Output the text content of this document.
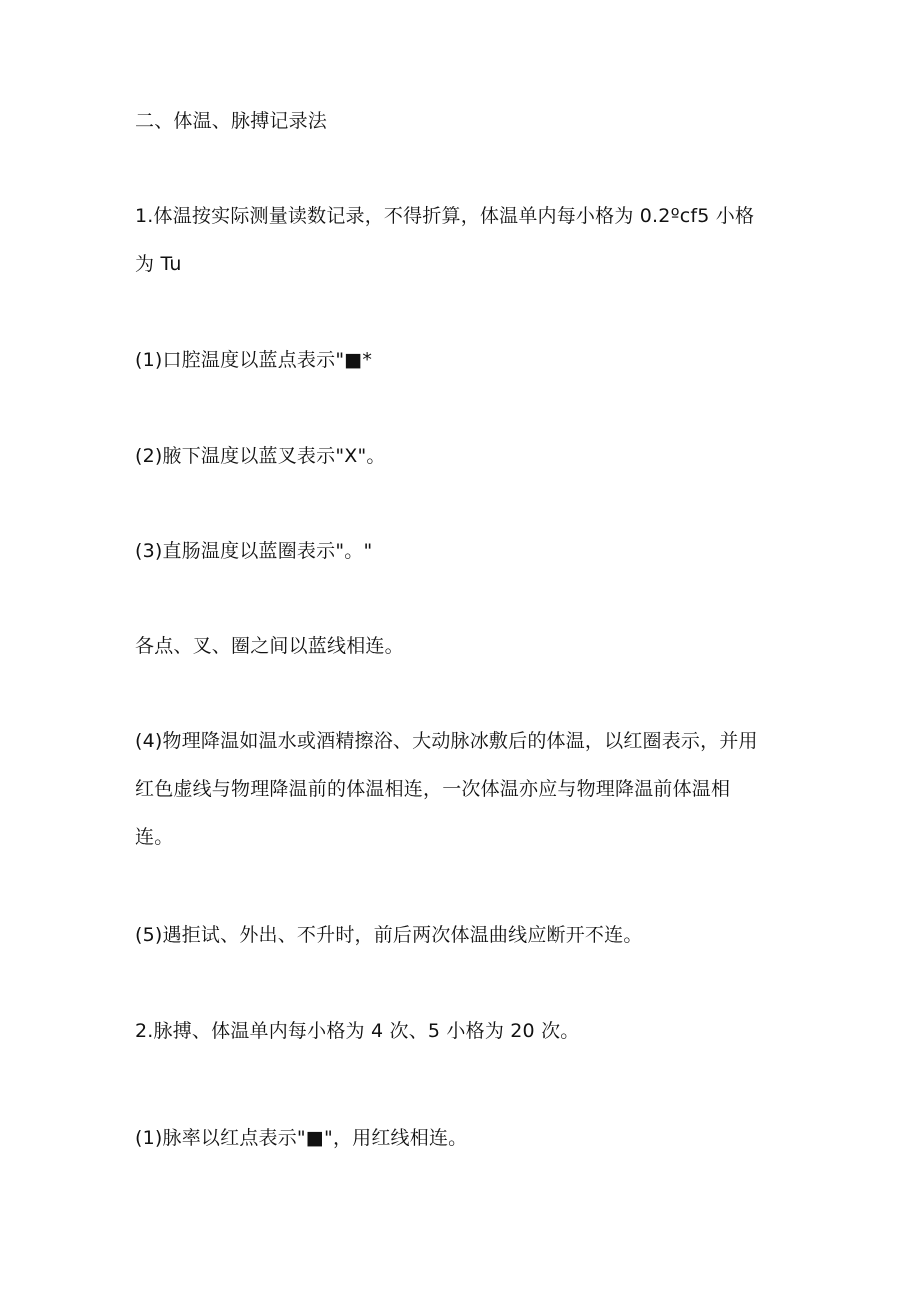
二、体温、脉搏记录法

1.体温按实际测量读数记录，不得折算，体温单内每小格为 0.2ºcf5 小格
为 Tu

(1)口腔温度以蓝点表示"■*

(2)腋下温度以蓝叉表示"X"。

(3)直肠温度以蓝圈表示"。"

各点、叉、圈之间以蓝线相连。

(4)物理降温如温水或酒精擦浴、大动脉冰敷后的体温，以红圈表示，并用
红色虚线与物理降温前的体温相连，一次体温亦应与物理降温前体温相
连。

(5)遇拒试、外出、不升时，前后两次体温曲线应断开不连。

2.脉搏、体温单内每小格为 4 次、5 小格为 20 次。

(1)脉率以红点表示"■"，用红线相连。
